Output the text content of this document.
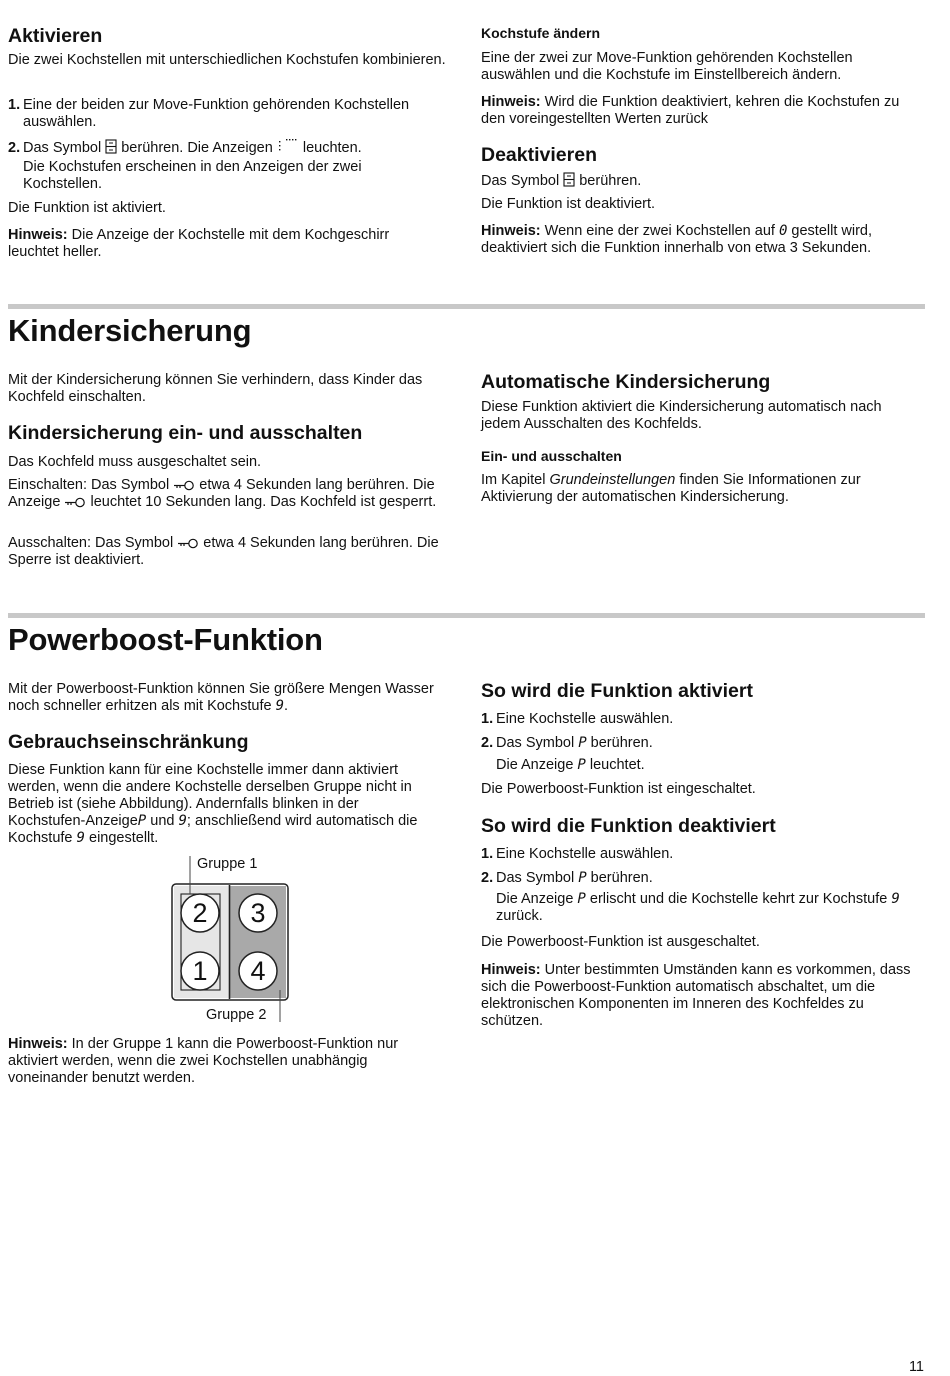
Aktivieren

Die zwei Kochstellen mit unterschiedlichen Kochstufen kombinieren.

1. Eine der beiden zur Move-Funktion gehörenden Kochstellen auswählen.

2. Das Symbol berühren. Die Anzeigen leuchten.

Die Kochstufen erscheinen in den Anzeigen der zwei Kochstellen.

Die Funktion ist aktiviert.

Hinweis: Die Anzeige der Kochstelle mit dem Kochgeschirr leuchtet heller.

Kochstufe ändern

Eine der zwei zur Move-Funktion gehörenden Kochstellen auswählen und die Kochstufe im Einstellbereich ändern.

Hinweis: Wird die Funktion deaktiviert, kehren die Kochstufen zu den voreingestellten Werten zurück

Deaktivieren

Das Symbol berühren.

Die Funktion ist deaktiviert.

Hinweis: Wenn eine der zwei Kochstellen auf 0 gestellt wird, deaktiviert sich die Funktion innerhalb von etwa 3 Sekunden.

Kindersicherung

Mit der Kindersicherung können Sie verhindern, dass Kinder das Kochfeld einschalten.

Kindersicherung ein- und ausschalten

Das Kochfeld muss ausgeschaltet sein.

Einschalten: Das Symbol etwa 4 Sekunden lang berühren. Die Anzeige leuchtet 10 Sekunden lang. Das Kochfeld ist gesperrt.

Ausschalten: Das Symbol etwa 4 Sekunden lang berühren. Die Sperre ist deaktiviert.

Automatische Kindersicherung

Diese Funktion aktiviert die Kindersicherung automatisch nach jedem Ausschalten des Kochfelds.

Ein- und ausschalten

Im Kapitel Grundeinstellungen finden Sie Informationen zur Aktivierung der automatischen Kindersicherung.

Powerboost-Funktion

Mit der Powerboost-Funktion können Sie größere Mengen Wasser noch schneller erhitzen als mit Kochstufe 9.

Gebrauchseinschränkung

Diese Funktion kann für eine Kochstelle immer dann aktiviert werden, wenn die andere Kochstelle derselben Gruppe nicht in Betrieb ist (siehe Abbildung). Andernfalls blinken in der Kochstufen-AnzeigeP und 9; anschließend wird automatisch die Kochstufe 9 eingestellt.

2	3
1	4
Gruppe 1
Gruppe 2

Hinweis: In der Gruppe 1 kann die Powerboost-Funktion nur aktiviert werden, wenn die zwei Kochstellen unabhängig voneinander benutzt werden.

So wird die Funktion aktiviert

1. Eine Kochstelle auswählen.

2. Das Symbol P berühren.

Die Anzeige P leuchtet.

Die Powerboost-Funktion ist eingeschaltet.

So wird die Funktion deaktiviert

1. Eine Kochstelle auswählen.

2. Das Symbol P berühren.

Die Anzeige P erlischt und die Kochstelle kehrt zur Kochstufe 9 zurück.

Die Powerboost-Funktion ist ausgeschaltet.

Hinweis: Unter bestimmten Umständen kann es vorkommen, dass sich die Powerboost-Funktion automatisch abschaltet, um die elektronischen Komponenten im Inneren des Kochfeldes zu schützen.

11
